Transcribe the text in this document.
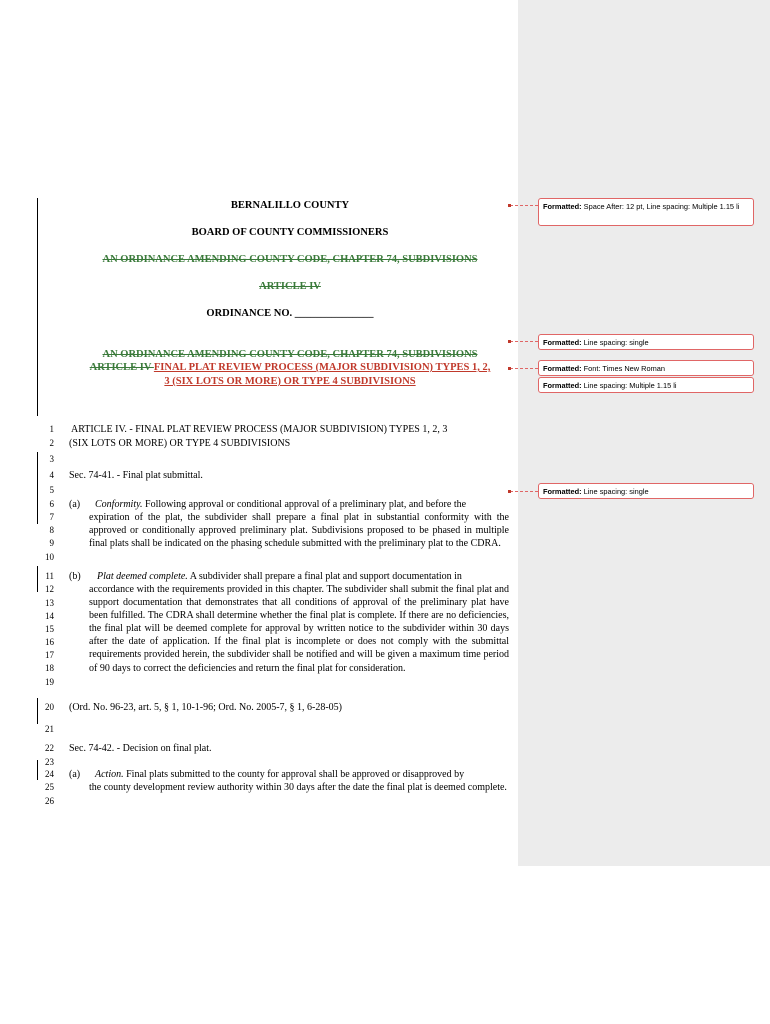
BERNALILLO COUNTY
BOARD OF COUNTY COMMISSIONERS
AN ORDINANCE AMENDING COUNTY CODE, CHAPTER 74, SUBDIVISIONS
ARTICLE IV
ORDINANCE NO. _______________
AN ORDINANCE AMENDING COUNTY CODE, CHAPTER 74, SUBDIVISIONS
ARTICLE IV FINAL PLAT REVIEW PROCESS (MAJOR SUBDIVISION) TYPES 1, 2,
3 (SIX LOTS OR MORE) OR TYPE 4 SUBDIVISIONS
1
2
3
4
5
6
7
8
9
10
11
12
13
14
15
16
17
18
19
20
21
22
23
24
25
26
ARTICLE IV. - FINAL PLAT REVIEW PROCESS (MAJOR SUBDIVISION) TYPES 1, 2, 3
(SIX LOTS OR MORE) OR TYPE 4 SUBDIVISIONS
Sec. 74-41. - Final plat submittal.
(a) Conformity. Following approval or conditional approval of a preliminary plat, and before the
expiration of the plat, the subdivider shall prepare a final plat in substantial conformity with the approved or conditionally approved preliminary plat. Subdivisions proposed to be phased in multiple final plats shall be indicated on the phasing schedule submitted with the preliminary plat to the CDRA.
(b) Plat deemed complete. A subdivider shall prepare a final plat and support documentation in
accordance with the requirements provided in this chapter. The subdivider shall submit the final plat and support documentation that demonstrates that all conditions of approval of the preliminary plat have been fulfilled. The CDRA shall determine whether the final plat is complete. If there are no deficiencies, the final plat will be deemed complete for approval by written notice to the subdivider within 30 days after the date of application. If the final plat is incomplete or does not comply with the submittal requirements provided herein, the subdivider shall be notified and will be given a maximum time period of 90 days to correct the deficiencies and return the final plat for consideration.
(Ord. No. 96-23, art. 5, § 1, 10-1-96; Ord. No. 2005-7, § 1, 6-28-05)
Sec. 74-42. - Decision on final plat.
(a) Action. Final plats submitted to the county for approval shall be approved or disapproved by
the county development review authority within 30 days after the date the final plat is deemed complete.
Formatted: Space After: 12 pt, Line spacing: Multiple 1.15 li
Formatted: Line spacing: single
Formatted: Font: Times New Roman
Formatted: Line spacing: Multiple 1.15 li
Formatted: Line spacing: single
